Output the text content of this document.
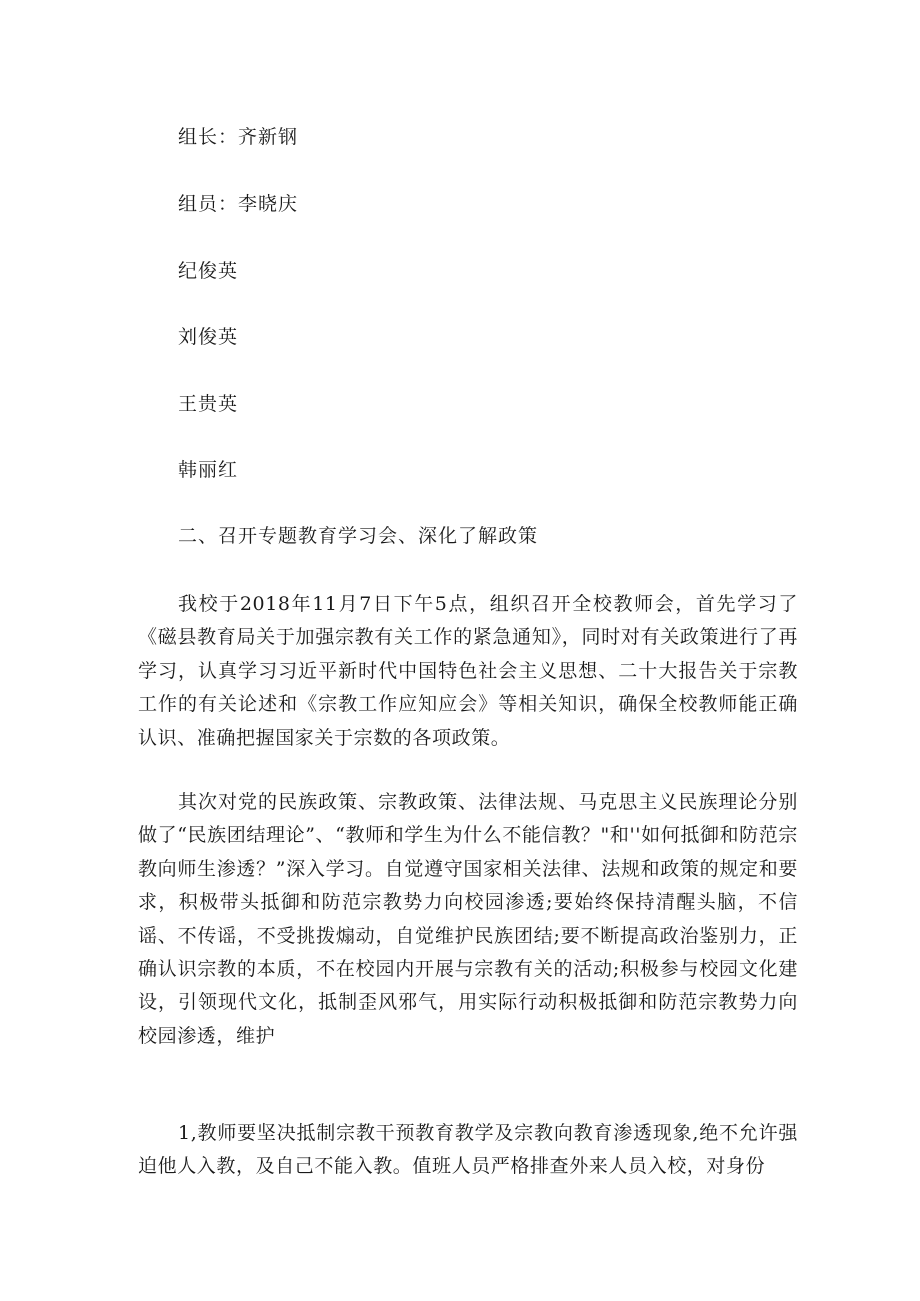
组长：齐新钢
组员：李晓庆
纪俊英
刘俊英
王贵英
韩丽红
二、召开专题教育学习会、深化了解政策
我校于2018年11月7日下午5点，组织召开全校教师会，首先学习了《磁县教育局关于加强宗教有关工作的紧急通知》，同时对有关政策进行了再学习，认真学习习近平新时代中国特色社会主义思想、二十大报告关于宗教工作的有关论述和《宗教工作应知应会》等相关知识，确保全校教师能正确认识、准确把握国家关于宗数的各项政策。
其次对党的民族政策、宗教政策、法律法规、马克思主义民族理论分别做了“民族团结理论”、“教师和学生为什么不能信教？"和''如何抵御和防范宗教向师生渗透？”深入学习。自觉遵守国家相关法律、法规和政策的规定和要求，积极带头抵御和防范宗教势力向校园渗透;要始终保持清醒头脑，不信谣、不传谣，不受挑拨煽动，自觉维护民族团结;要不断提高政治鉴别力，正确认识宗教的本质，不在校园内开展与宗教有关的活动;积极参与校园文化建设，引领现代文化，抵制歪风邪气，用实际行动积极抵御和防范宗教势力向校园渗透，维护
1,教师要坚决抵制宗教干预教育教学及宗教向教育渗透现象,绝不允许强迫他人入教，及自己不能入教。值班人员严格排查外来人员入校，对身份
